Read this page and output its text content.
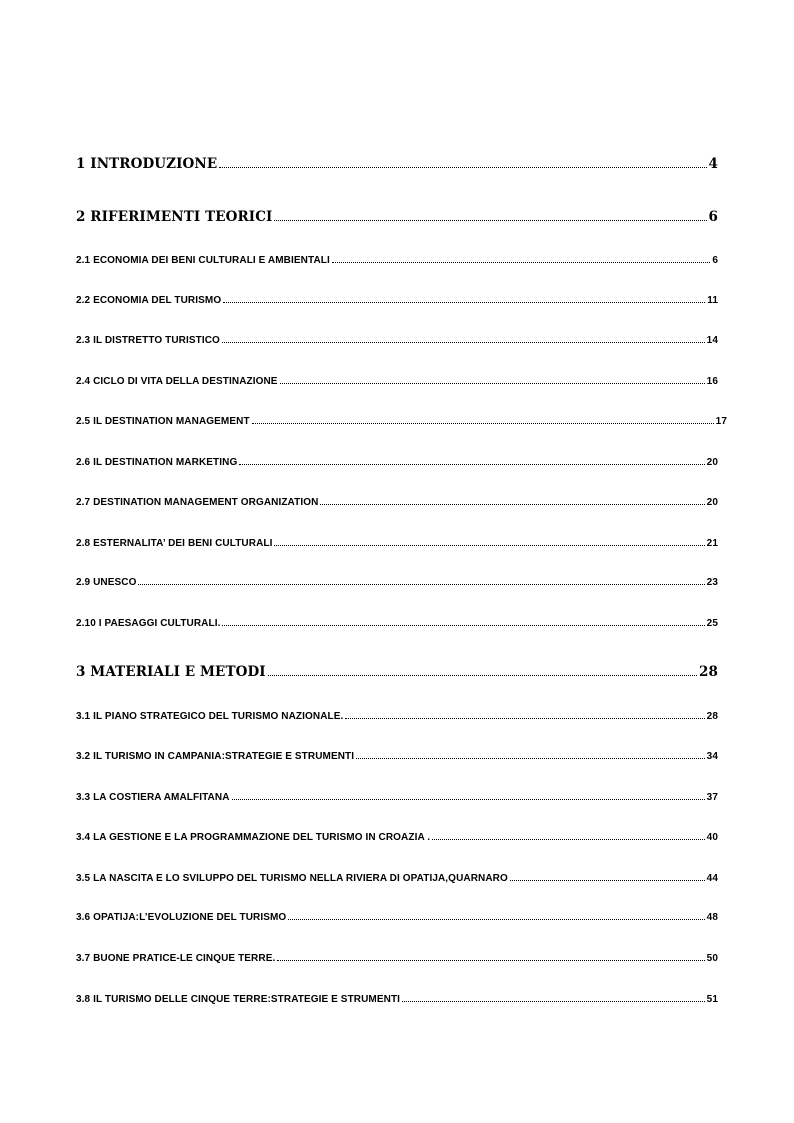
1 INTRODUZIONE	4
2 RIFERIMENTI TEORICI	6
2.1 ECONOMIA DEI BENI CULTURALI E AMBIENTALI	6
2.2 ECONOMIA DEL TURISMO	11
2.3 IL DISTRETTO TURISTICO	14
2.4 CICLO DI VITA DELLA DESTINAZIONE	16
2.5 IL DESTINATION MANAGEMENT	17
2.6 IL DESTINATION MARKETING	20
2.7 DESTINATION MANAGEMENT ORGANIZATION	20
2.8 ESTERNALITA’ DEI BENI CULTURALI	21
2.9 UNESCO	23
2.10 I PAESAGGI CULTURALI.	25
3 MATERIALI E METODI	28
3.1 IL PIANO STRATEGICO DEL TURISMO NAZIONALE.	28
3.2 IL TURISMO IN CAMPANIA:STRATEGIE E STRUMENTI	34
3.3 LA COSTIERA AMALFITANA	37
3.4 LA GESTIONE E LA PROGRAMMAZIONE DEL TURISMO IN CROAZIA .	40
3.5 LA NASCITA E LO SVILUPPO DEL TURISMO NELLA RIVIERA DI OPATIJA,QUARNARO	44
3.6 OPATIJA:L’EVOLUZIONE DEL TURISMO	48
3.7 BUONE PRATICE-LE CINQUE TERRE.	50
3.8 IL TURISMO DELLE CINQUE TERRE:STRATEGIE E STRUMENTI	51
